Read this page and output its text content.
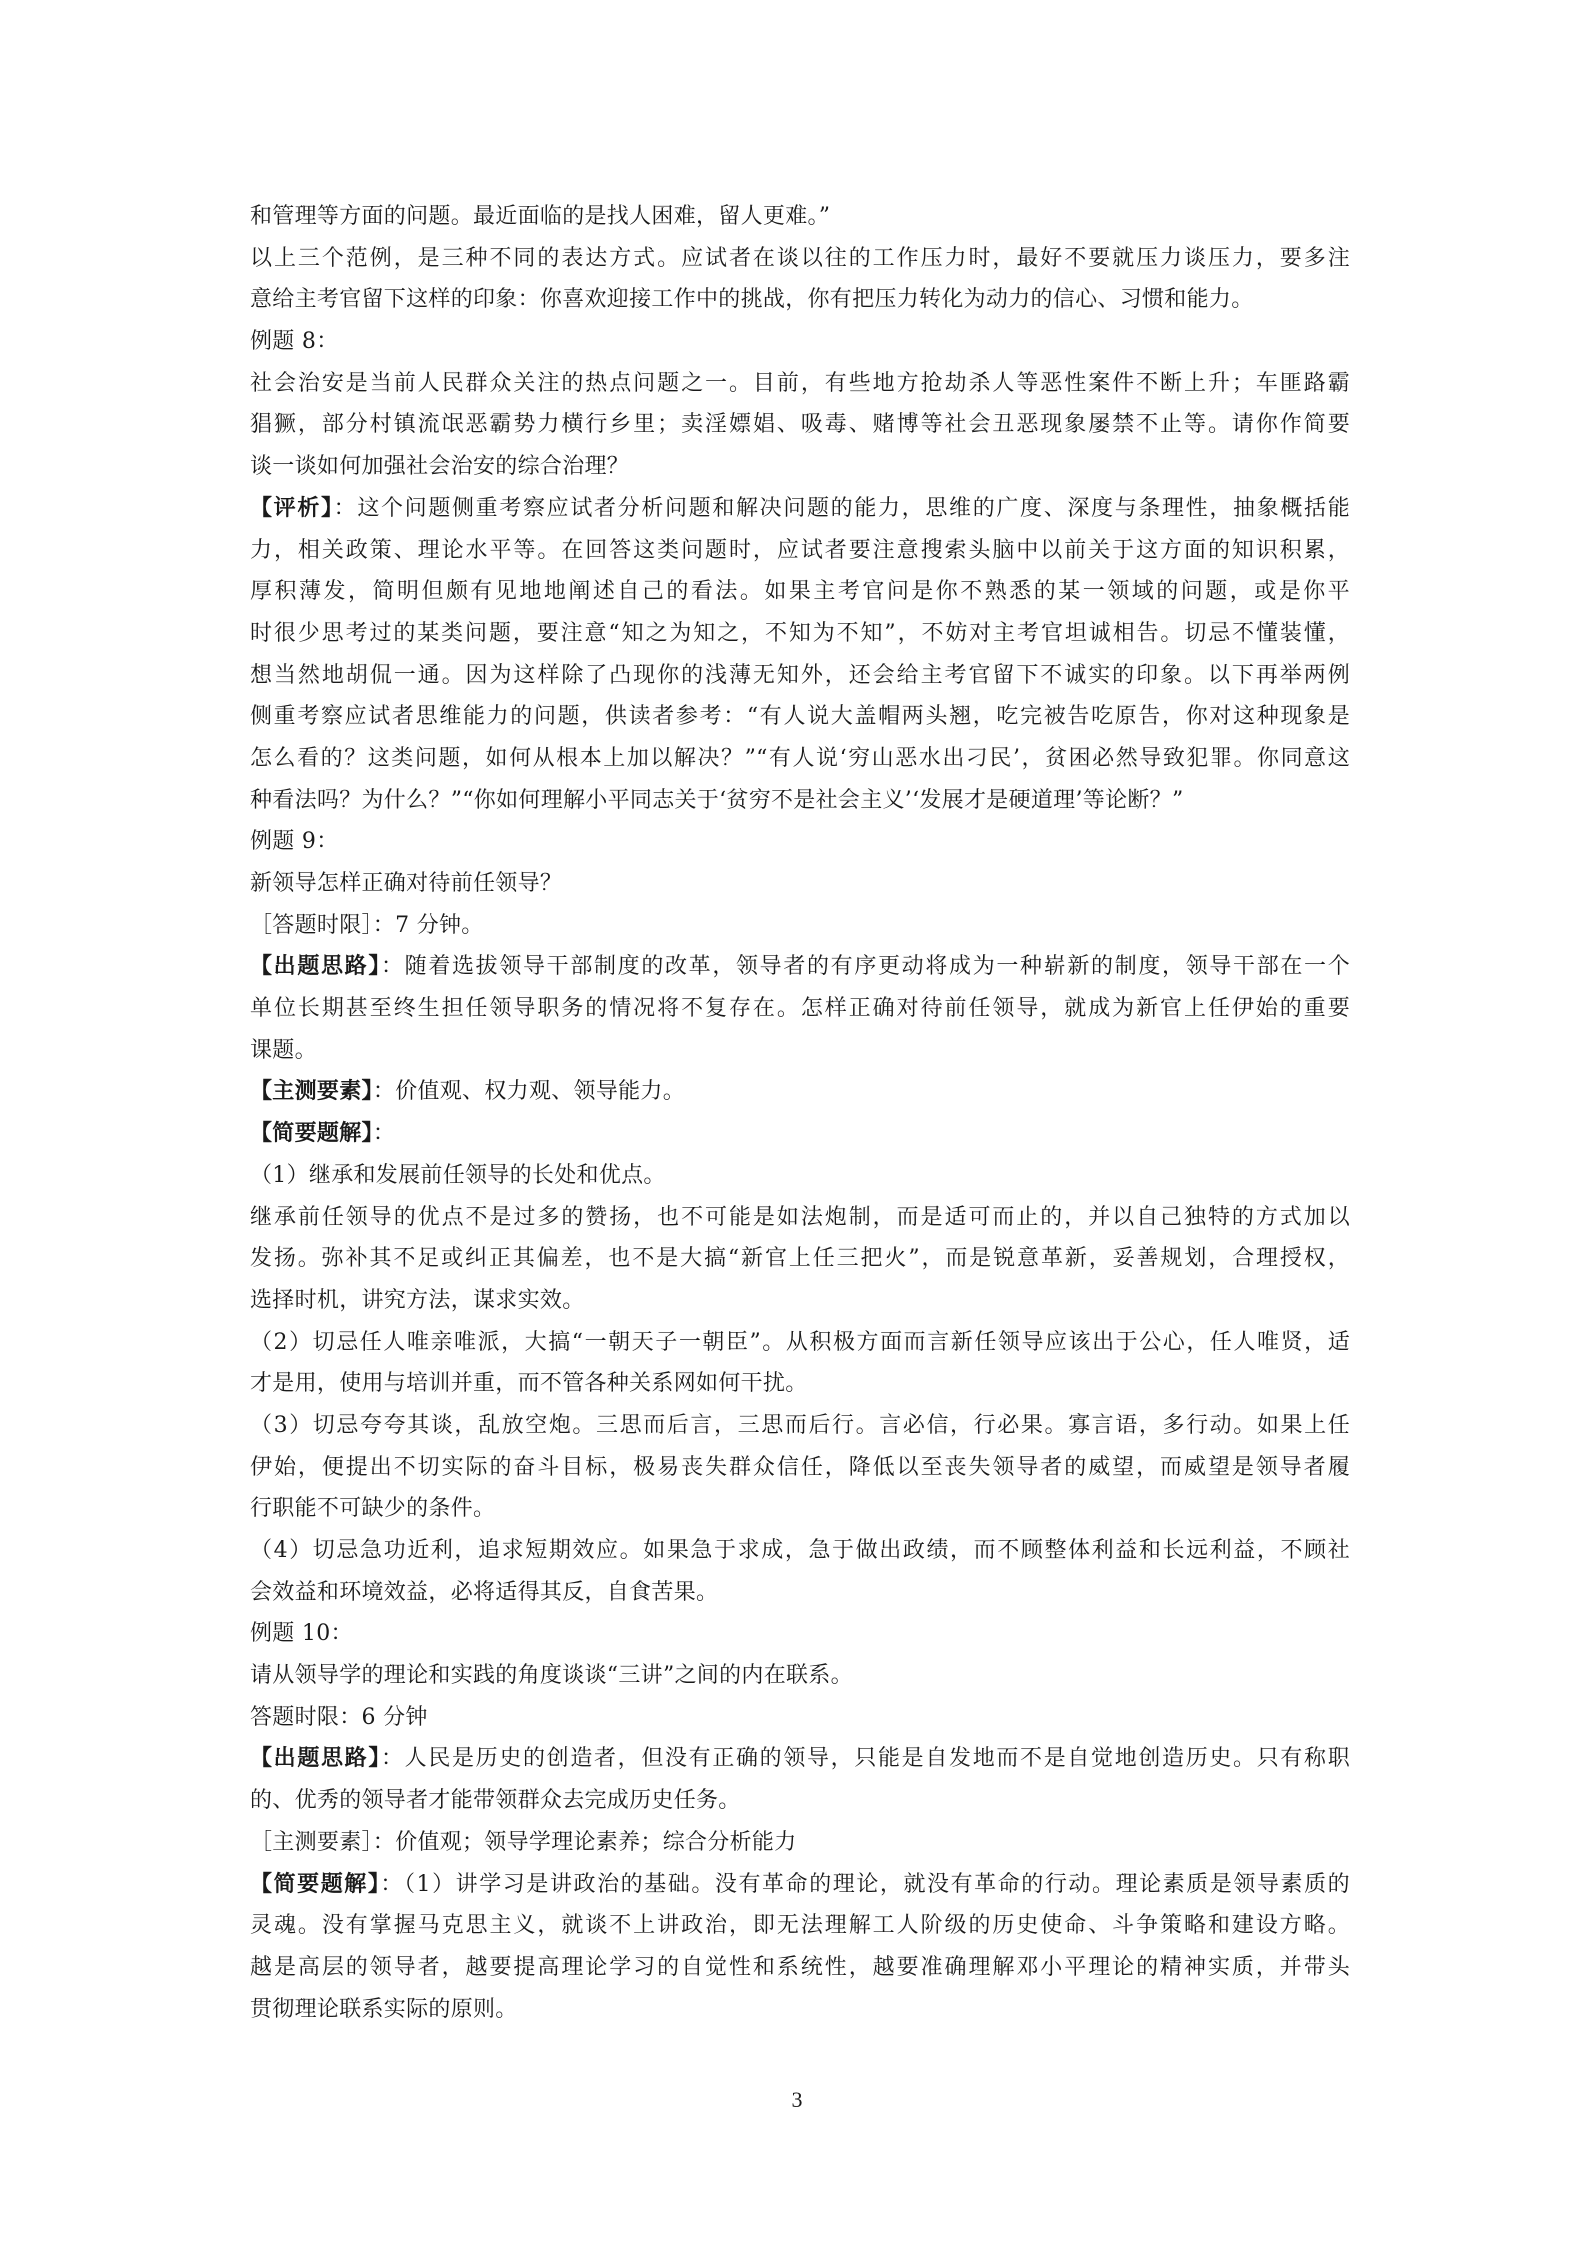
和管理等方面的问题。最近面临的是找人困难，留人更难。”
以上三个范例，是三种不同的表达方式。应试者在谈以往的工作压力时，最好不要就压力谈压力，要多注
意给主考官留下这样的印象：你喜欢迎接工作中的挑战，你有把压力转化为动力的信心、习惯和能力。
例题 8：
社会治安是当前人民群众关注的热点问题之一。目前，有些地方抢劫杀人等恶性案件不断上升；车匪路霸
猖獗，部分村镇流氓恶霸势力横行乡里；卖淫嫖娼、吸毒、赌博等社会丑恶现象屡禁不止等。请你作简要
谈一谈如何加强社会治安的综合治理？
【评析】：这个问题侧重考察应试者分析问题和解决问题的能力，思维的广度、深度与条理性，抽象概括能
力，相关政策、理论水平等。在回答这类问题时，应试者要注意搜索头脑中以前关于这方面的知识积累，
厚积薄发，简明但颇有见地地阐述自己的看法。如果主考官问是你不熟悉的某一领域的问题，或是你平
时很少思考过的某类问题，要注意“知之为知之，不知为不知”，不妨对主考官坦诚相告。切忌不懂装懂，
想当然地胡侃一通。因为这样除了凸现你的浅薄无知外，还会给主考官留下不诚实的印象。以下再举两例
侧重考察应试者思维能力的问题，供读者参考：“有人说大盖帽两头翘，吃完被告吃原告，你对这种现象是
怎么看的？这类问题，如何从根本上加以解决？”“有人说‘穷山恶水出刁民’，贫困必然导致犯罪。你同意这
种看法吗？为什么？”“你如何理解小平同志关于‘贫穷不是社会主义’‘发展才是硬道理’等论断？”
例题 9：
新领导怎样正确对待前任领导？
［答题时限］：7 分钟。
【出题思路】：随着选拔领导干部制度的改革，领导者的有序更动将成为一种崭新的制度，领导干部在一个
单位长期甚至终生担任领导职务的情况将不复存在。怎样正确对待前任领导，就成为新官上任伊始的重要
课题。
【主测要素】：价值观、权力观、领导能力。
【简要题解】：
（1）继承和发展前任领导的长处和优点。
继承前任领导的优点不是过多的赞扬，也不可能是如法炮制，而是适可而止的，并以自己独特的方式加以
发扬。弥补其不足或纠正其偏差，也不是大搞“新官上任三把火”，而是锐意革新，妥善规划，合理授权，
选择时机，讲究方法，谋求实效。
（2）切忌任人唯亲唯派，大搞“一朝天子一朝臣”。从积极方面而言新任领导应该出于公心，任人唯贤，适
才是用，使用与培训并重，而不管各种关系网如何干扰。
（3）切忌夸夸其谈，乱放空炮。三思而后言，三思而后行。言必信，行必果。寡言语，多行动。如果上任
伊始，便提出不切实际的奋斗目标，极易丧失群众信任，降低以至丧失领导者的威望，而威望是领导者履
行职能不可缺少的条件。
（4）切忌急功近利，追求短期效应。如果急于求成，急于做出政绩，而不顾整体利益和长远利益，不顾社
会效益和环境效益，必将适得其反，自食苦果。
例题 10：
请从领导学的理论和实践的角度谈谈“三讲”之间的内在联系。
答题时限：6 分钟
【出题思路】：人民是历史的创造者，但没有正确的领导，只能是自发地而不是自觉地创造历史。只有称职
的、优秀的领导者才能带领群众去完成历史任务。
［主测要素］：价值观；领导学理论素养；综合分析能力
【简要题解】：（1）讲学习是讲政治的基础。没有革命的理论，就没有革命的行动。理论素质是领导素质的
灵魂。没有掌握马克思主义，就谈不上讲政治，即无法理解工人阶级的历史使命、斗争策略和建设方略。
越是高层的领导者，越要提高理论学习的自觉性和系统性，越要准确理解邓小平理论的精神实质，并带头
贯彻理论联系实际的原则。
3
